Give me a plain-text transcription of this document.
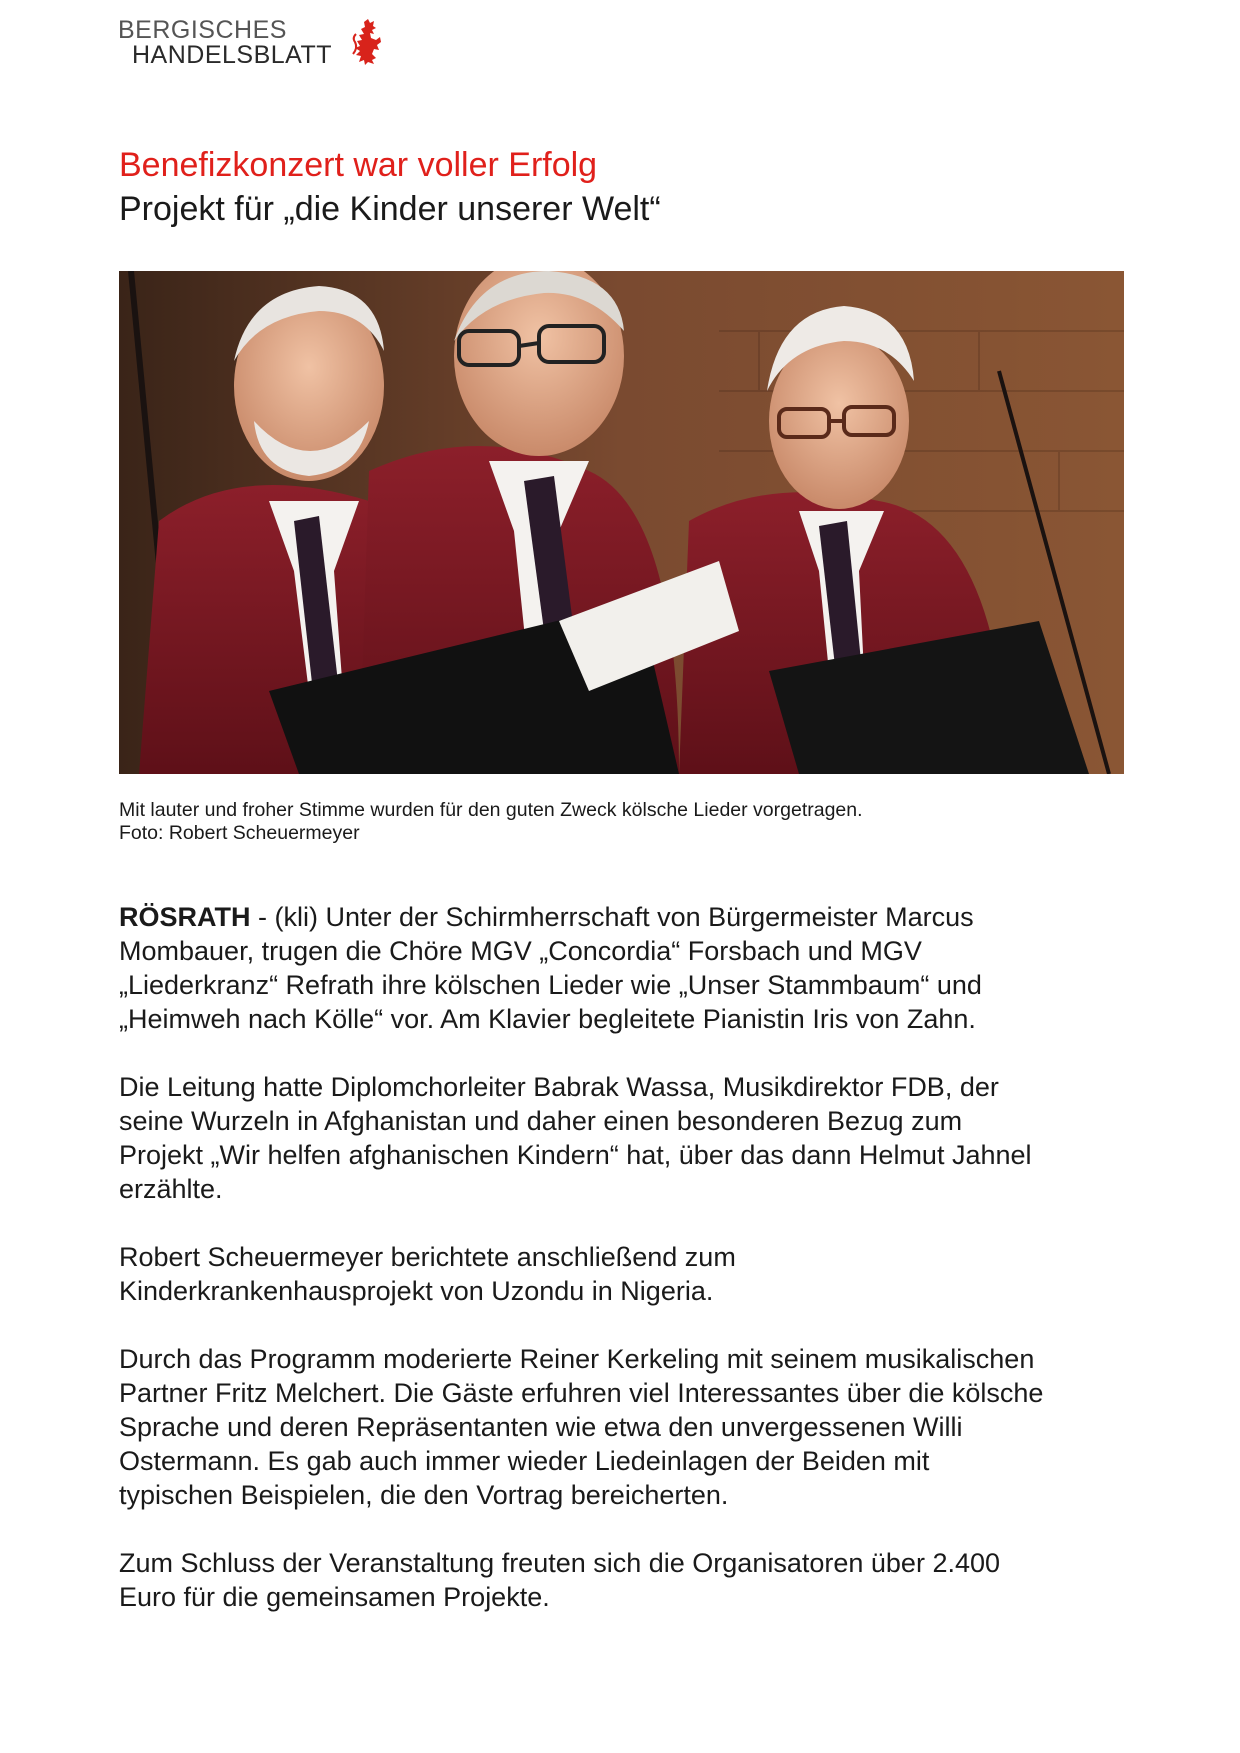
BERGISCHES
HANDELSBLATT
Benefizkonzert war voller Erfolg
Projekt für „die Kinder unserer Welt“
Mit lauter und froher Stimme wurden für den guten Zweck kölsche Lieder vorgetragen.
Foto: Robert Scheuermeyer

RÖSRATH - (kli) Unter der Schirmherrschaft von Bürgermeister Marcus
Mombauer, trugen die Chöre MGV „Concordia“ Forsbach und MGV
„Liederkranz“ Refrath ihre kölschen Lieder wie „Unser Stammbaum“ und
„Heimweh nach Kölle“ vor. Am Klavier begleitete Pianistin Iris von Zahn.

Die Leitung hatte Diplomchorleiter Babrak Wassa, Musikdirektor FDB, der
seine Wurzeln in Afghanistan und daher einen besonderen Bezug zum
Projekt „Wir helfen afghanischen Kindern“ hat, über das dann Helmut Jahnel
erzählte.

Robert Scheuermeyer berichtete anschließend zum
Kinderkrankenhausprojekt von Uzondu in Nigeria.

Durch das Programm moderierte Reiner Kerkeling mit seinem musikalischen
Partner Fritz Melchert. Die Gäste erfuhren viel Interessantes über die kölsche
Sprache und deren Repräsentanten wie etwa den unvergessenen Willi
Ostermann. Es gab auch immer wieder Liedeinlagen der Beiden mit
typischen Beispielen, die den Vortrag bereicherten.

Zum Schluss der Veranstaltung freuten sich die Organisatoren über 2.400
Euro für die gemeinsamen Projekte.
